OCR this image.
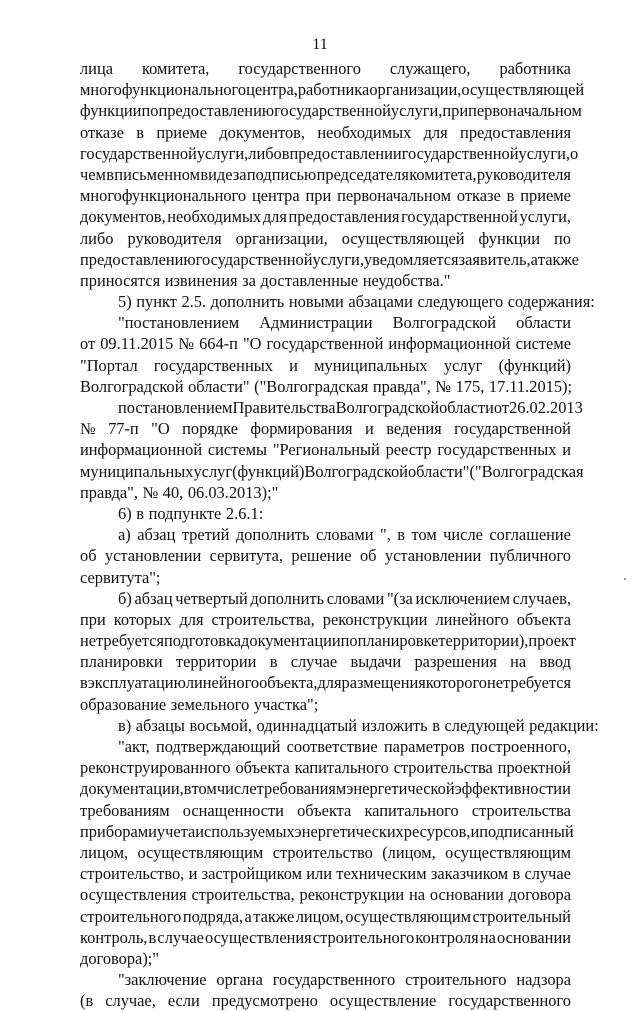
11
лица комитета, государственного служащего, работника
многофункционального центра, работника организации, осуществляющей
функции по предоставлению государственной услуги, при первоначальном
отказе в приеме документов, необходимых для предоставления
государственной услуги, либо в предоставлении государственной услуги, о
чем в письменном виде за подписью председателя комитета, руководителя
многофункционального центра при первоначальном отказе в приеме
документов, необходимых для предоставления государственной услуги,
либо руководителя организации, осуществляющей функции по
предоставлению государственной услуги, уведомляется заявитель, а также
приносятся извинения за доставленные неудобства."
5) пункт 2.5. дополнить новыми абзацами следующего содержания:
"постановлением Администрации Волгоградской области
от 09.11.2015 № 664-п "О государственной информационной системе
"Портал государственных и муниципальных услуг (функций)
Волгоградской области" ("Волгоградская правда", № 175, 17.11.2015);
постановлением Правительства Волгоградской области от 26.02.2013
№ 77-п "О порядке формирования и ведения государственной
информационной системы "Региональный реестр государственных и
муниципальных услуг (функций) Волгоградской области" ("Волгоградская
правда", № 40, 06.03.2013);"
6) в подпункте 2.6.1:
а) абзац третий дополнить словами ", в том числе соглашение
об установлении сервитута, решение об установлении публичного
сервитута";
б) абзац четвертый дополнить словами "(за исключением случаев,
при которых для строительства, реконструкции линейного объекта
не требуется подготовка документации по планировке территории), проект
планировки территории в случае выдачи разрешения на ввод
в эксплуатацию линейного объекта, для размещения которого не требуется
образование земельного участка";
в) абзацы восьмой, одиннадцатый изложить в следующей редакции:
"акт, подтверждающий соответствие параметров построенного,
реконструированного объекта капитального строительства проектной
документации, в том числе требованиям энергетической эффективности и
требованиям оснащенности объекта капитального строительства
приборами учета используемых энергетических ресурсов, и подписанный
лицом, осуществляющим строительство (лицом, осуществляющим
строительство, и застройщиком или техническим заказчиком в случае
осуществления строительства, реконструкции на основании договора
строительного подряда, а также лицом, осуществляющим строительный
контроль, в случае осуществления строительного контроля на основании
договора);"
"заключение органа государственного строительного надзора
(в случае, если предусмотрено осуществление государственного
